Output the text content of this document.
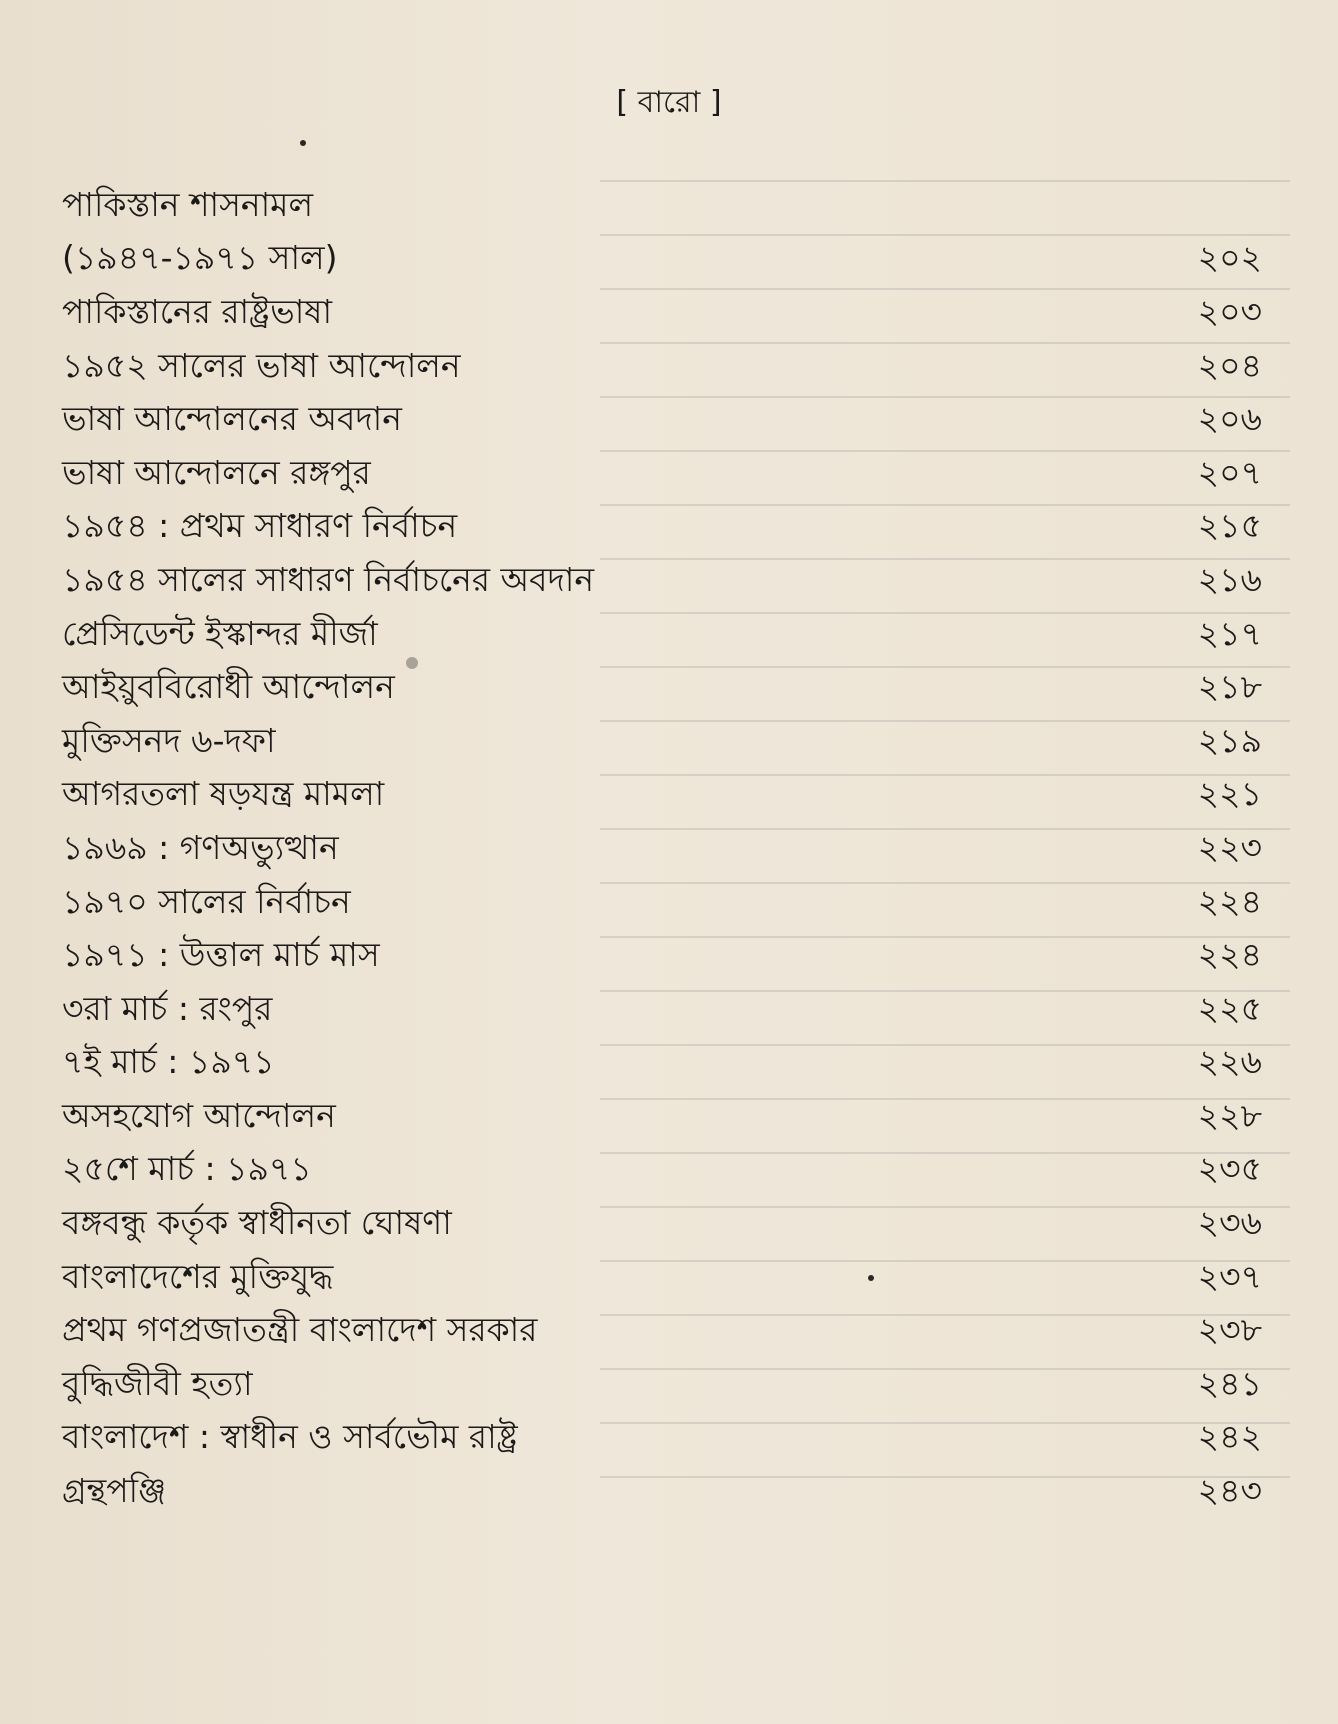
[ বারো ]
পাকিস্তান শাসনামল
(১৯৪৭-১৯৭১ সাল)	২০২
পাকিস্তানের রাষ্ট্রভাষা	২০৩
১৯৫২ সালের ভাষা আন্দোলন	২০৪
ভাষা আন্দোলনের অবদান	২০৬
ভাষা আন্দোলনে রঙ্গপুর	২০৭
১৯৫৪ : প্রথম সাধারণ নির্বাচন	২১৫
১৯৫৪ সালের সাধারণ নির্বাচনের অবদান	২১৬
প্রেসিডেন্ট ইস্কান্দর মীর্জা	২১৭
আইয়ুববিরোধী আন্দোলন	২১৮
মুক্তিসনদ ৬-দফা	২১৯
আগরতলা ষড়যন্ত্র মামলা	২২১
১৯৬৯ : গণঅভ্যুত্থান	২২৩
১৯৭০ সালের নির্বাচন	২২৪
১৯৭১ : উত্তাল মার্চ মাস	২২৪
৩রা মার্চ : রংপুর	২২৫
৭ই মার্চ : ১৯৭১	২২৬
অসহযোগ আন্দোলন	২২৮
২৫শে মার্চ : ১৯৭১	২৩৫
বঙ্গবন্ধু কর্তৃক স্বাধীনতা ঘোষণা	২৩৬
বাংলাদেশের মুক্তিযুদ্ধ	২৩৭
প্রথম গণপ্রজাতন্ত্রী বাংলাদেশ সরকার	২৩৮
বুদ্ধিজীবী হত্যা	২৪১
বাংলাদেশ : স্বাধীন ও সার্বভৌম রাষ্ট্র	২৪২
গ্রন্থপঞ্জি	২৪৩
